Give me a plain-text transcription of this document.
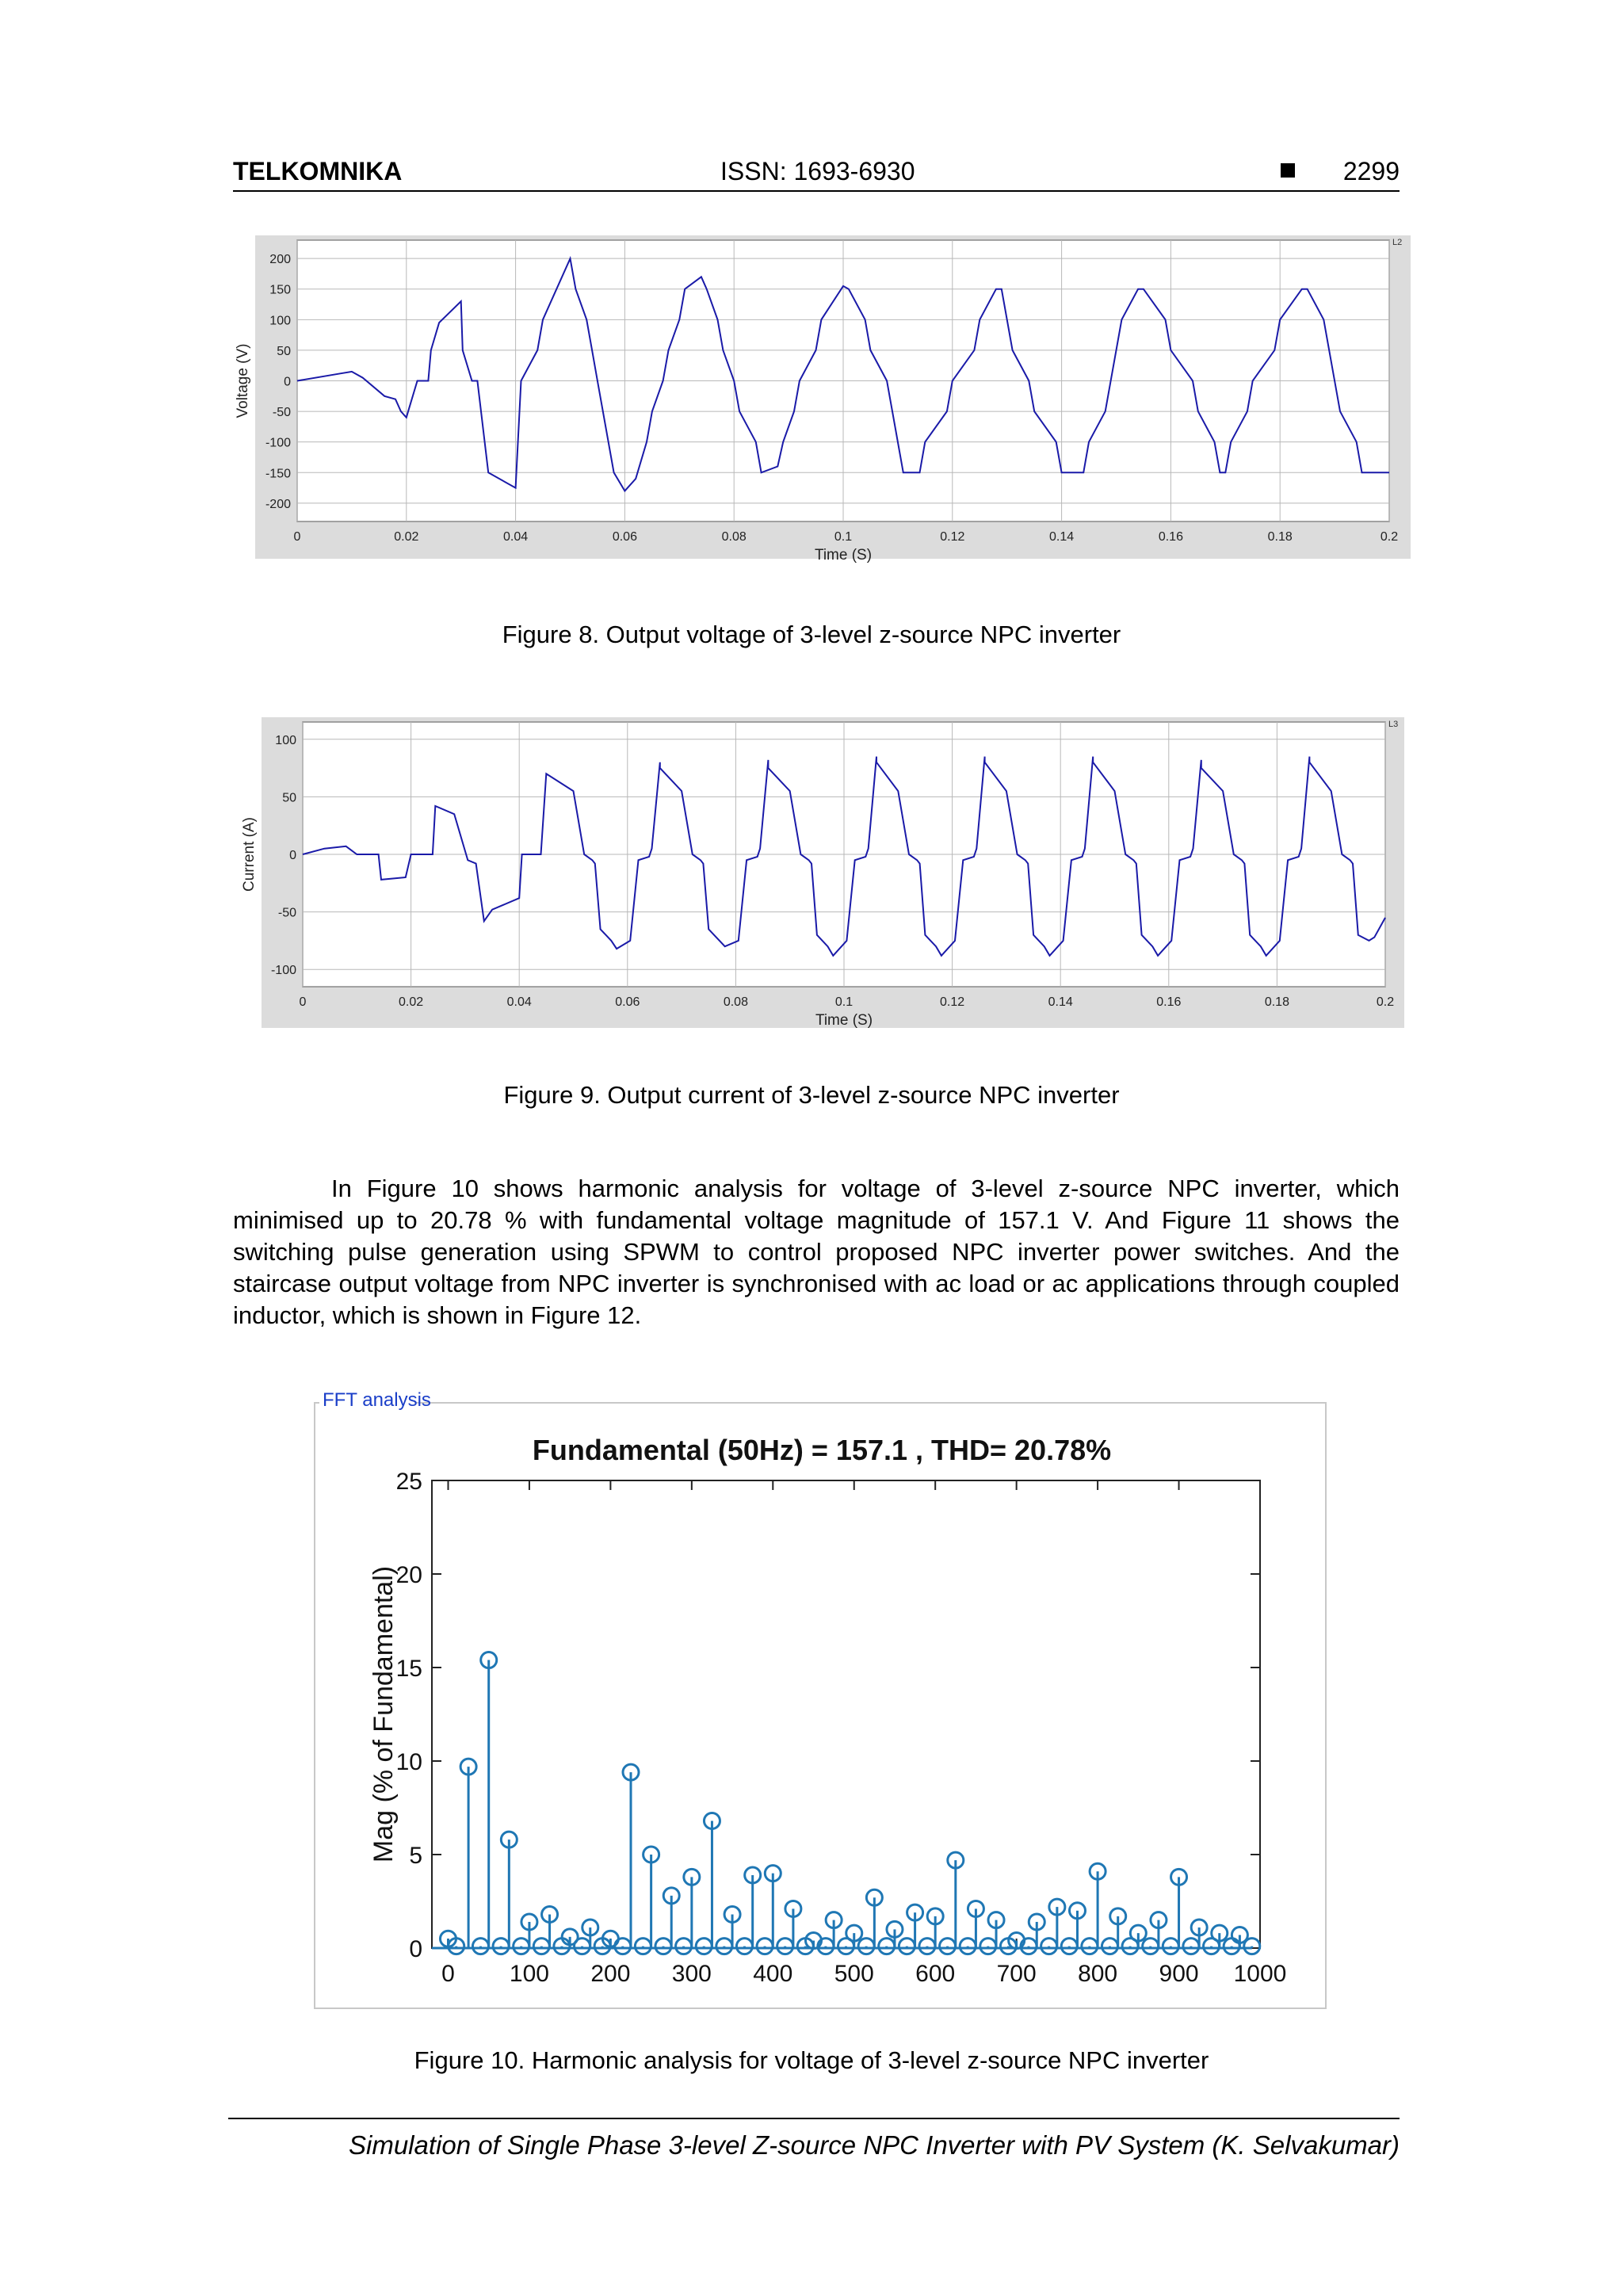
TELKOMNIKA	ISSN: 1693-6930	2299
0	0.02	0.04	0.06	0.08	0.1	0.12	0.14	0.16	0.18	0.2
200
150
100
50
0
-50
-100
-150
-200
Time (S)
Voltage (V)
L2
Figure 8. Output voltage of 3-level z-source NPC inverter
0	0.02	0.04	0.06	0.08	0.1	0.12	0.14	0.16	0.18	0.2
100
50
0
-50
-100
Time (S)
Current (A)
L3
Figure 9. Output current of 3-level z-source NPC inverter
In Figure 10 shows harmonic analysis for voltage of 3-level z-source NPC inverter, which minimised up to 20.78 % with fundamental voltage magnitude of 157.1 V. And Figure 11 shows the switching pulse generation using SPWM to control proposed NPC inverter power switches. And the staircase output voltage from NPC inverter is synchronised with ac load or ac applications through coupled inductor, which is shown in Figure 12.
FFT analysis
Fundamental (50Hz) = 157.1 , THD= 20.78%
0 100 200 300 400 500 600 700 800 900 1000
0
5
10
15
20
25
Mag (% of Fundamental)
Figure 10. Harmonic analysis for voltage of 3-level z-source NPC inverter
Simulation of Single Phase 3-level Z-source NPC Inverter with PV System (K. Selvakumar)
